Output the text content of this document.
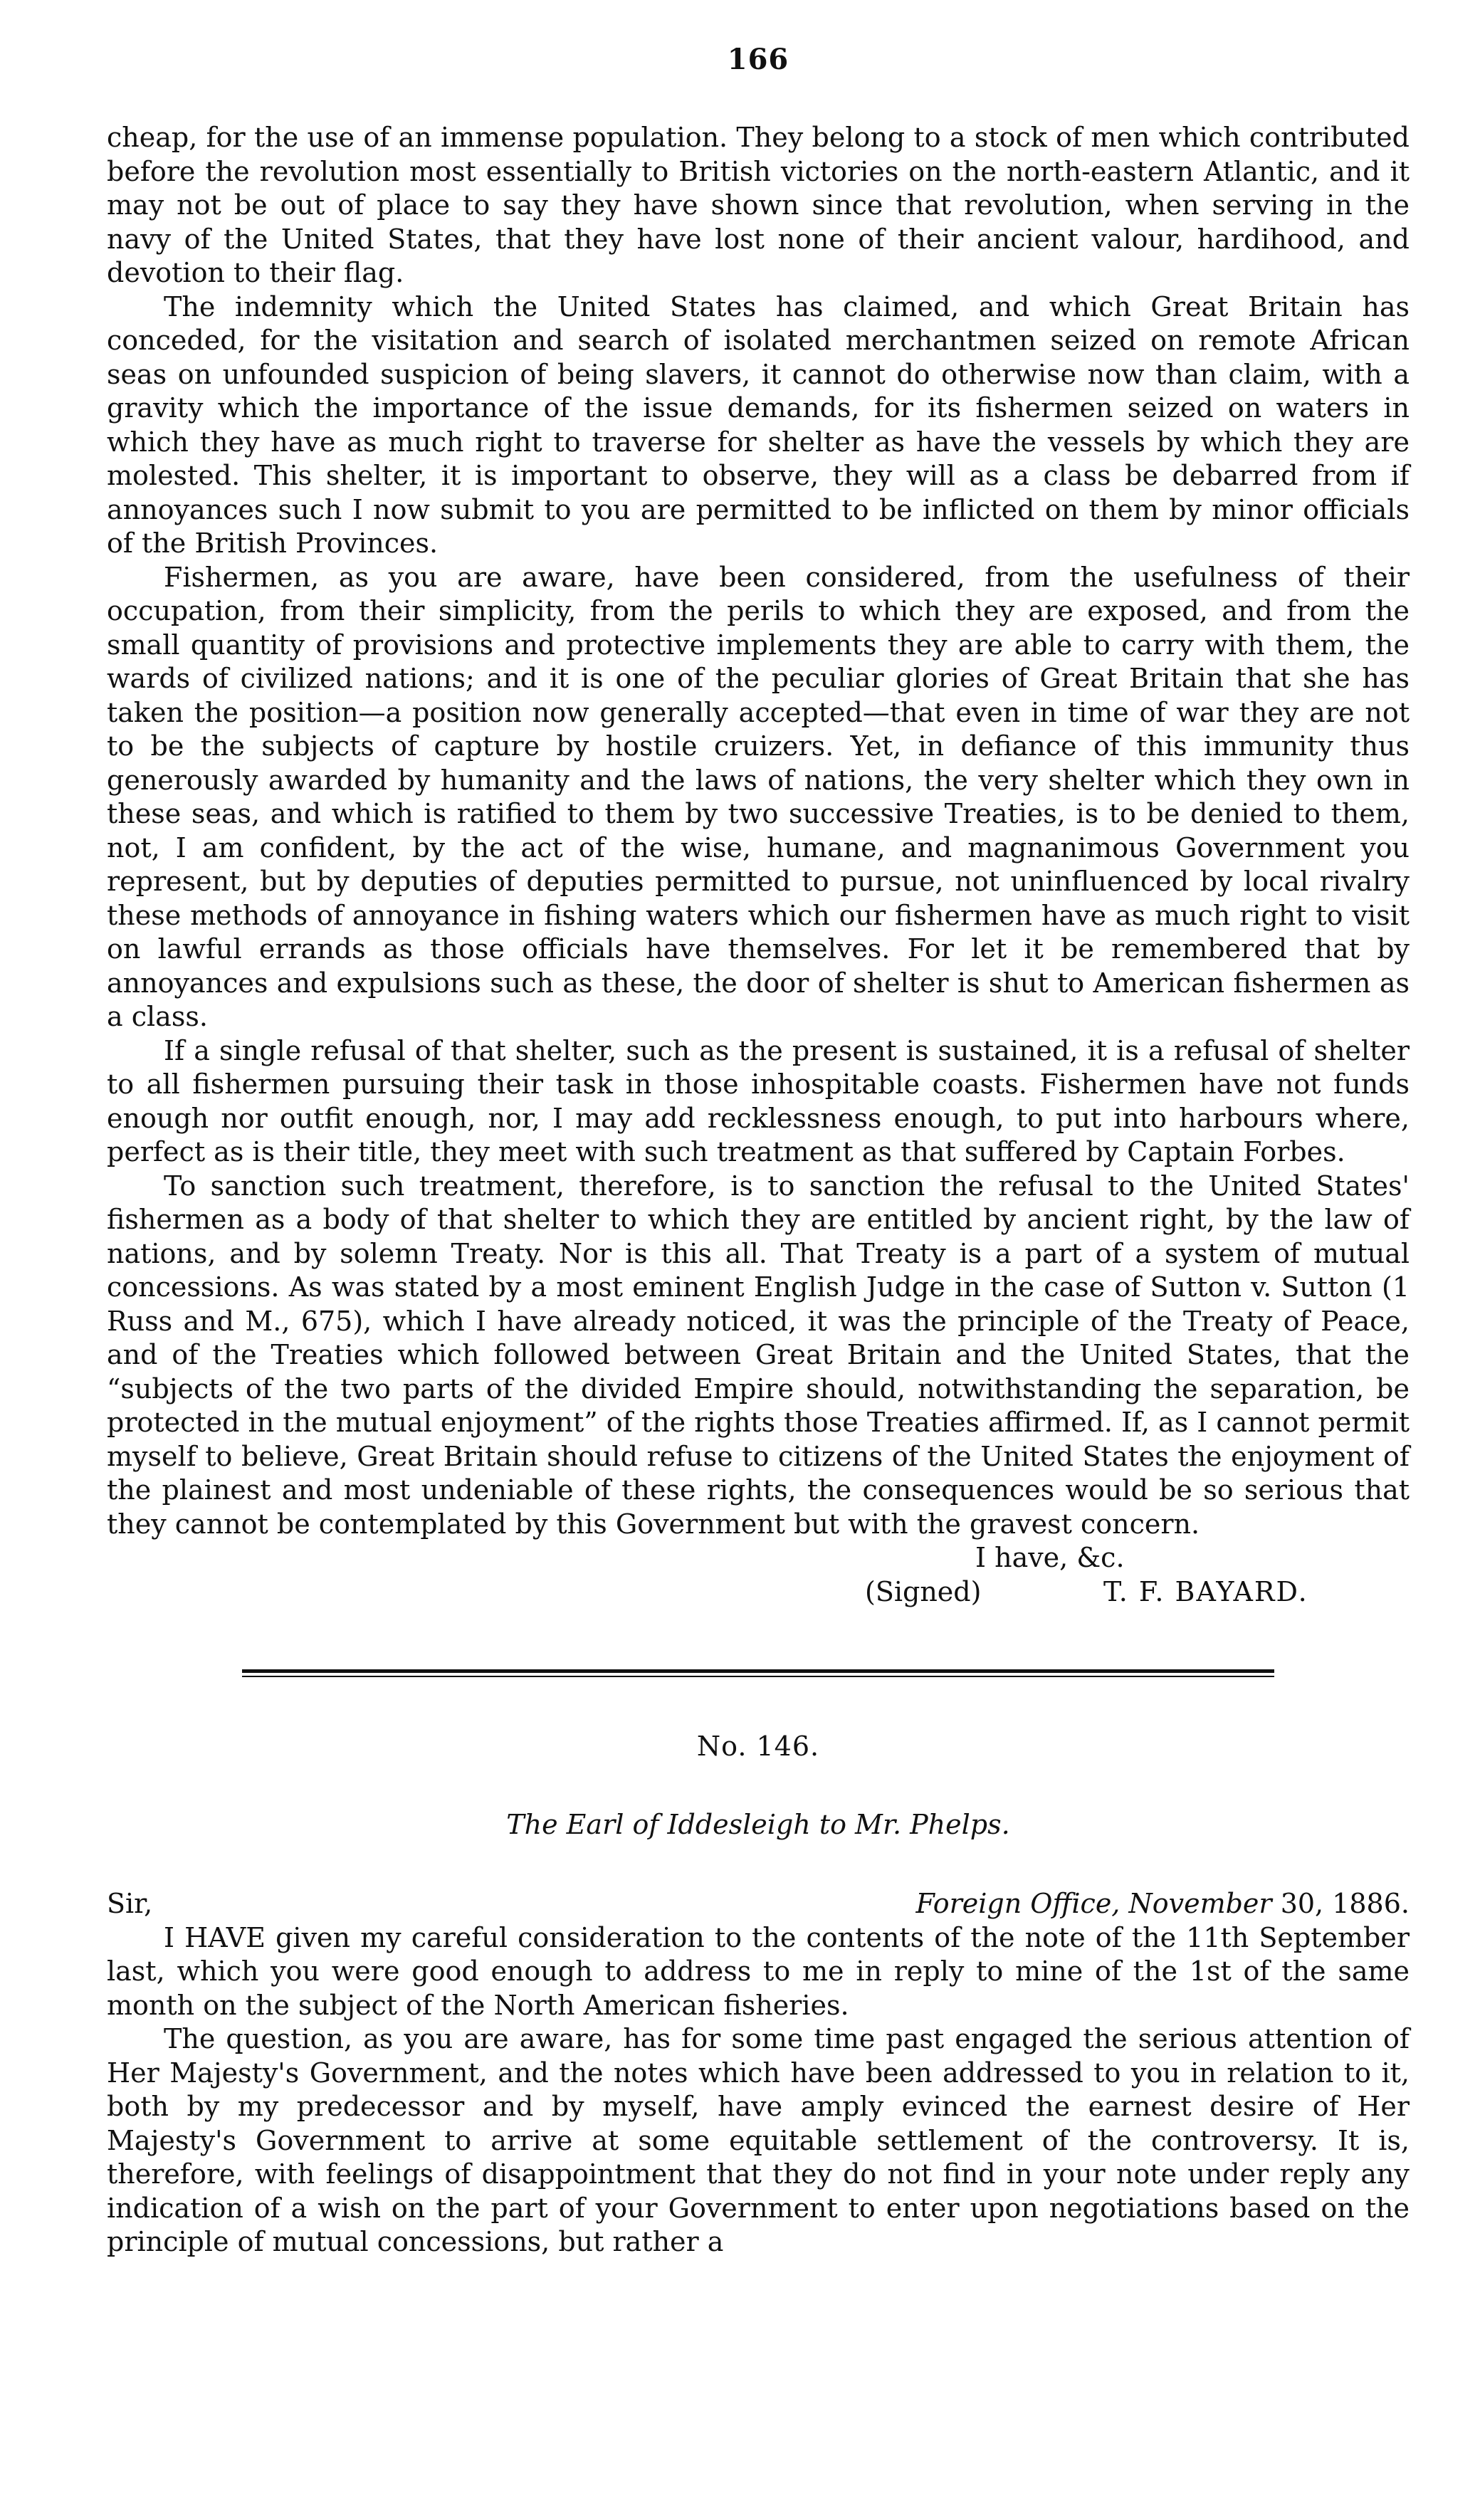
166

cheap, for the use of an immense population. They belong to a stock of men which contributed before the revolution most essentially to British victories on the north-eastern Atlantic, and it may not be out of place to say they have shown since that revolution, when serving in the navy of the United States, that they have lost none of their ancient valour, hardihood, and devotion to their flag.

The indemnity which the United States has claimed, and which Great Britain has conceded, for the visitation and search of isolated merchantmen seized on remote African seas on unfounded suspicion of being slavers, it cannot do otherwise now than claim, with a gravity which the importance of the issue demands, for its fishermen seized on waters in which they have as much right to traverse for shelter as have the vessels by which they are molested. This shelter, it is important to observe, they will as a class be debarred from if annoyances such I now submit to you are permitted to be inflicted on them by minor officials of the British Provinces.

Fishermen, as you are aware, have been considered, from the usefulness of their occupation, from their simplicity, from the perils to which they are exposed, and from the small quantity of provisions and protective implements they are able to carry with them, the wards of civilized nations; and it is one of the peculiar glories of Great Britain that she has taken the position—a position now generally accepted—that even in time of war they are not to be the subjects of capture by hostile cruizers. Yet, in defiance of this immunity thus generously awarded by humanity and the laws of nations, the very shelter which they own in these seas, and which is ratified to them by two successive Treaties, is to be denied to them, not, I am confident, by the act of the wise, humane, and magnanimous Government you represent, but by deputies of deputies permitted to pursue, not uninfluenced by local rivalry these methods of annoyance in fishing waters which our fishermen have as much right to visit on lawful errands as those officials have themselves. For let it be remembered that by annoyances and expulsions such as these, the door of shelter is shut to American fishermen as a class.

If a single refusal of that shelter, such as the present is sustained, it is a refusal of shelter to all fishermen pursuing their task in those inhospitable coasts. Fishermen have not funds enough nor outfit enough, nor, I may add recklessness enough, to put into harbours where, perfect as is their title, they meet with such treatment as that suffered by Captain Forbes.

To sanction such treatment, therefore, is to sanction the refusal to the United States' fishermen as a body of that shelter to which they are entitled by ancient right, by the law of nations, and by solemn Treaty. Nor is this all. That Treaty is a part of a system of mutual concessions. As was stated by a most eminent English Judge in the case of Sutton v. Sutton (1 Russ and M., 675), which I have already noticed, it was the principle of the Treaty of Peace, and of the Treaties which followed between Great Britain and the United States, that the “subjects of the two parts of the divided Empire should, notwithstanding the separation, be protected in the mutual enjoyment” of the rights those Treaties affirmed. If, as I cannot permit myself to believe, Great Britain should refuse to citizens of the United States the enjoyment of the plainest and most undeniable of these rights, the consequences would be so serious that they cannot be contemplated by this Government but with the gravest concern.

I have, &c.
(Signed)	T. F. BAYARD.
No. 146.
The Earl of Iddesleigh to Mr. Phelps.
Sir,	Foreign Office, November 30, 1886.

I HAVE given my careful consideration to the contents of the note of the 11th September last, which you were good enough to address to me in reply to mine of the 1st of the same month on the subject of the North American fisheries.

The question, as you are aware, has for some time past engaged the serious attention of Her Majesty's Government, and the notes which have been addressed to you in relation to it, both by my predecessor and by myself, have amply evinced the earnest desire of Her Majesty's Government to arrive at some equitable settlement of the controversy. It is, therefore, with feelings of disappointment that they do not find in your note under reply any indication of a wish on the part of your Government to enter upon negotiations based on the principle of mutual concessions, but rather a
